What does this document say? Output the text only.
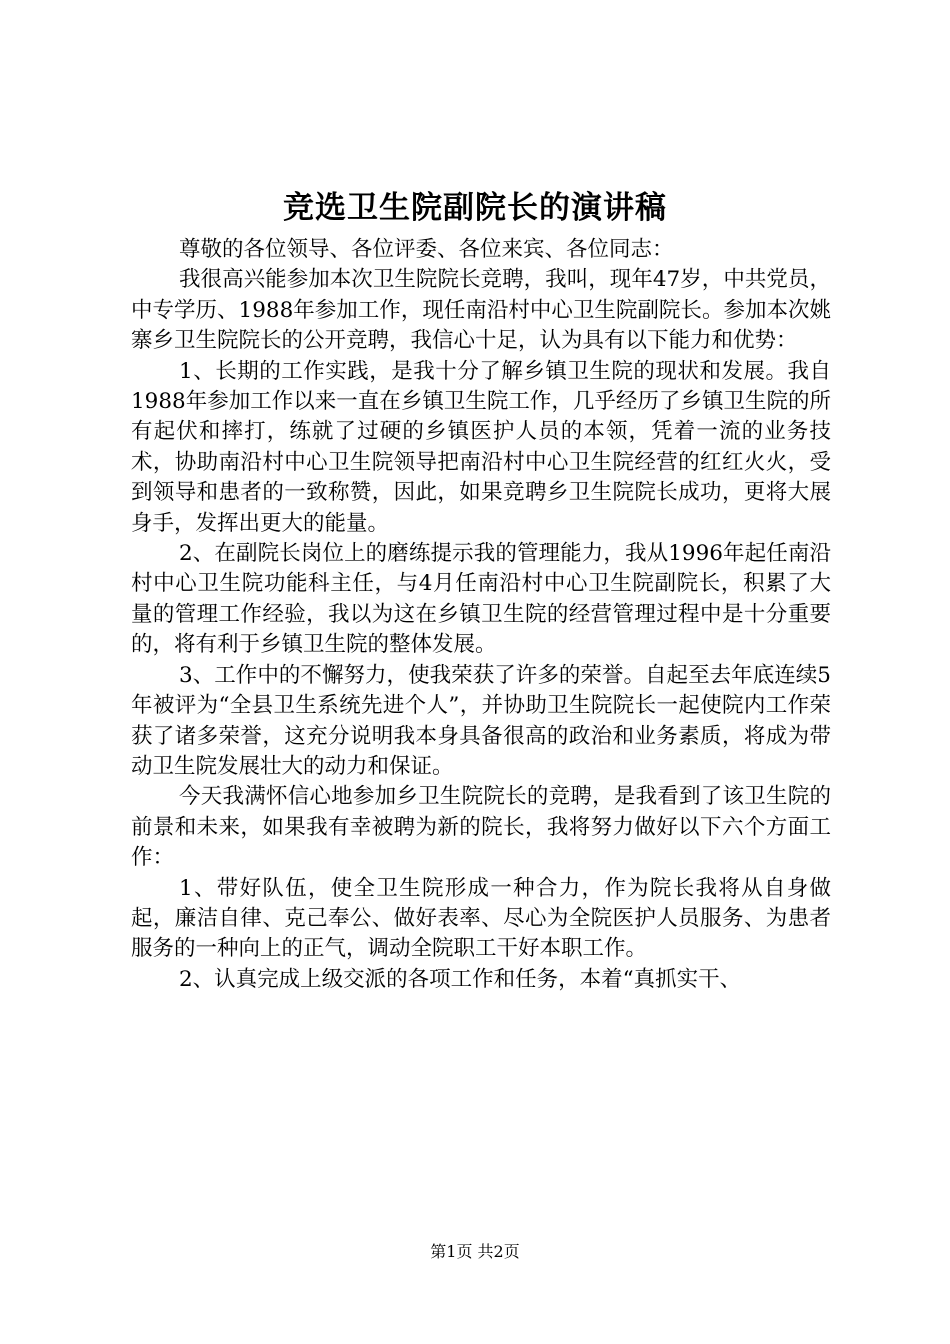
竞选卫生院副院长的演讲稿

尊敬的各位领导、各位评委、各位来宾、各位同志：

我很高兴能参加本次卫生院院长竞聘，我叫，现年47岁，中共党员，中专学历、1988年参加工作，现任南沿村中心卫生院副院长。参加本次姚寨乡卫生院院长的公开竞聘，我信心十足，认为具有以下能力和优势：

1、长期的工作实践，是我十分了解乡镇卫生院的现状和发展。我自1988年参加工作以来一直在乡镇卫生院工作，几乎经历了乡镇卫生院的所有起伏和摔打，练就了过硬的乡镇医护人员的本领，凭着一流的业务技术，协助南沿村中心卫生院领导把南沿村中心卫生院经营的红红火火，受到领导和患者的一致称赞，因此，如果竞聘乡卫生院院长成功，更将大展身手，发挥出更大的能量。

2、在副院长岗位上的磨练提示我的管理能力，我从1996年起任南沿村中心卫生院功能科主任，与4月任南沿村中心卫生院副院长，积累了大量的管理工作经验，我以为这在乡镇卫生院的经营管理过程中是十分重要的，将有利于乡镇卫生院的整体发展。

3、工作中的不懈努力，使我荣获了许多的荣誉。自起至去年底连续5年被评为“全县卫生系统先进个人”，并协助卫生院院长一起使院内工作荣获了诸多荣誉，这充分说明我本身具备很高的政治和业务素质，将成为带动卫生院发展壮大的动力和保证。

今天我满怀信心地参加乡卫生院院长的竞聘，是我看到了该卫生院的前景和未来，如果我有幸被聘为新的院长，我将努力做好以下六个方面工作：

1、带好队伍，使全卫生院形成一种合力，作为院长我将从自身做起，廉洁自律、克己奉公、做好表率、尽心为全院医护人员服务、为患者服务的一种向上的正气，调动全院职工干好本职工作。

2、认真完成上级交派的各项工作和任务，本着“真抓实干、

第1页 共2页
